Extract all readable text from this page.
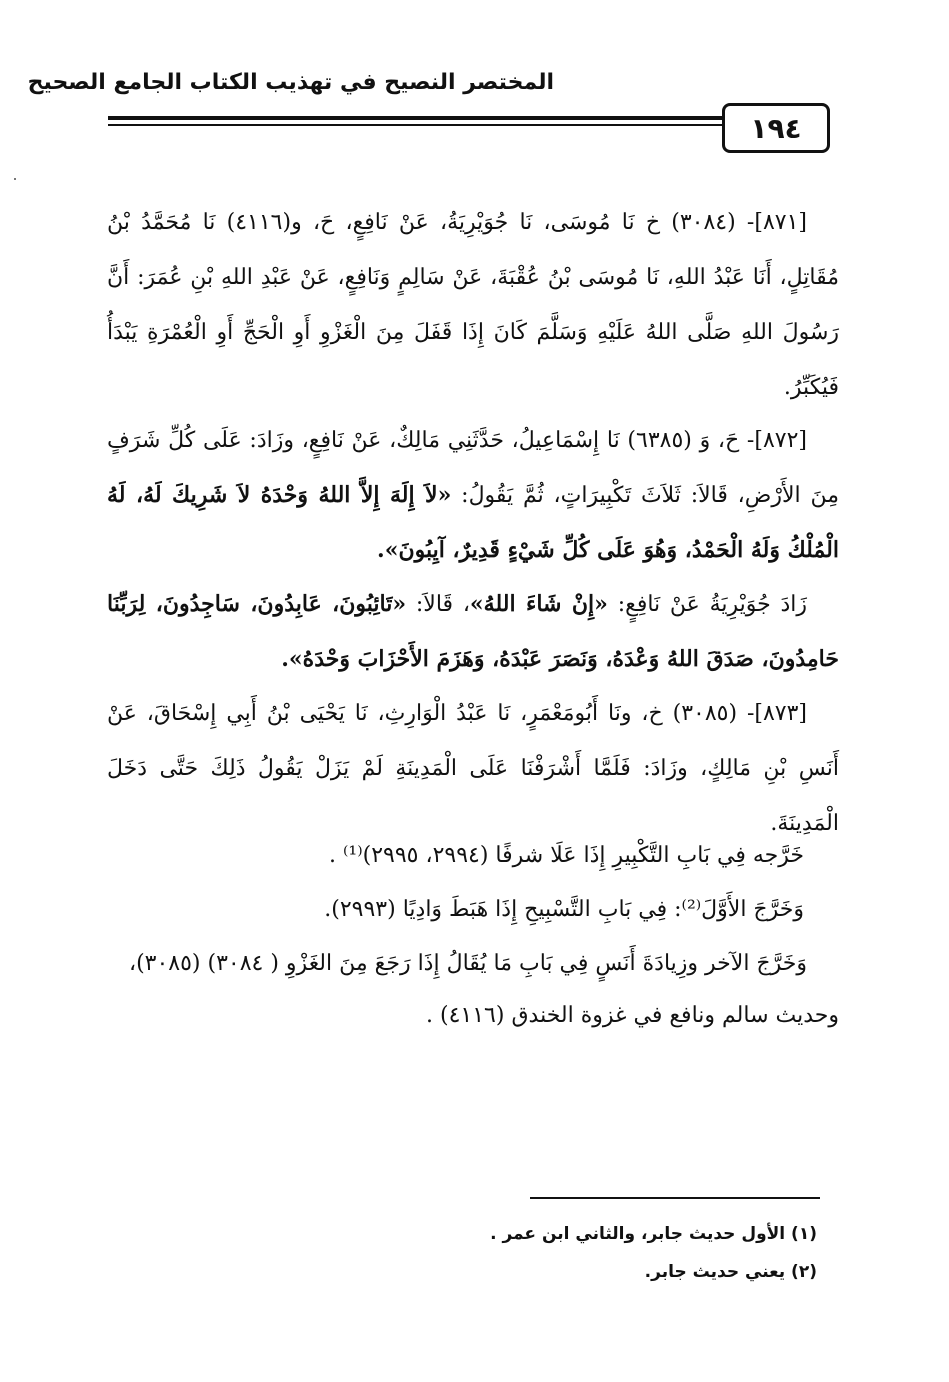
المختصر النصيح في تهذيب الكتاب الجامع الصحيح
١٩٤

[٨٧١]- (٣٠٨٤) خ نَا مُوسَى، نَا جُوَيْرِيَةُ، عَنْ نَافِعٍ، حَ، و(٤١١٦) نَا مُحَمَّدُ بْنُ مُقَاتِلٍ، أَنَا عَبْدُ اللهِ، نَا مُوسَى بْنُ عُقْبَةَ، عَنْ سَالِمٍ وَنَافِعٍ، عَنْ عَبْدِ اللهِ بْنِ عُمَرَ: أَنَّ رَسُولَ اللهِ صَلَّى اللهُ عَلَيْهِ وَسَلَّمَ كَانَ إِذَا قَفَلَ مِنَ الْغَزْوِ أَوِ الْحَجِّ أَوِ الْعُمْرَةِ يَبْدَأُ فَيُكَبِّرُ.

[٨٧٢]- حَ، وَ (٦٣٨٥) نَا إِسْمَاعِيلُ، حَدَّثَنِي مَالِكٌ، عَنْ نَافِعٍ، وزَادَ: عَلَى كُلِّ شَرَفٍ مِنَ الأَرْضِ، قَالاَ: ثَلاَثَ تَكْبِيرَاتٍ، ثُمَّ يَقُولُ: «لاَ إِلَهَ إِلاَّ اللهُ وَحْدَهُ لاَ شَرِيكَ لَهُ، لَهُ الْمُلْكُ وَلَهُ الْحَمْدُ، وَهُوَ عَلَى كُلِّ شَيْءٍ قَدِيرٌ، آيِبُونَ».

زَادَ جُوَيْرِيَةُ عَنْ نَافِعٍ: «إِنْ شَاءَ اللهُ»، قَالاَ: «تَائِبُونَ، عَابِدُونَ، سَاجِدُونَ، لِرَبِّنَا حَامِدُونَ، صَدَقَ اللهُ وَعْدَهُ، وَنَصَرَ عَبْدَهُ، وَهَزَمَ الأَحْزَابَ وَحْدَهُ».

[٨٧٣]- (٣٠٨٥) خ، ونَا أَبُومَعْمَرٍ، نَا عَبْدُ الْوَارِثِ، نَا يَحْيَى بْنُ أَبِي إِسْحَاقَ، عَنْ أَنَسِ بْنِ مَالِكٍ، وزَادَ: فَلَمَّا أَشْرَفْنَا عَلَى الْمَدِينَةِ لَمْ يَزَلْ يَقُولُ ذَلِكَ حَتَّى دَخَلَ الْمَدِينَةَ.

خَرَّجه فِي بَابِ التَّكْبِيرِ إِذَا عَلَا شرفًا (٢٩٩٤، ٢٩٩٥)⁽¹⁾ .
وَخَرَّجَ الأَوَّلَ⁽²⁾: فِي بَابِ التَّسْبِيحِ إِذَا هَبَطَ وَادِيًا (٢٩٩٣).
وَخَرَّجَ الآخر وزِيادَةَ أَنَسٍ فِي بَابِ مَا يُقَالُ إِذَا رَجَعَ مِنَ الغَزْوِ ( ٣٠٨٤) (٣٠٨٥)، وحديث سالم ونافع في غزوة الخندق (٤١١٦) .
(١) الأول حديث جابر، والثاني ابن عمر .
(٢) يعني حديث جابر.
